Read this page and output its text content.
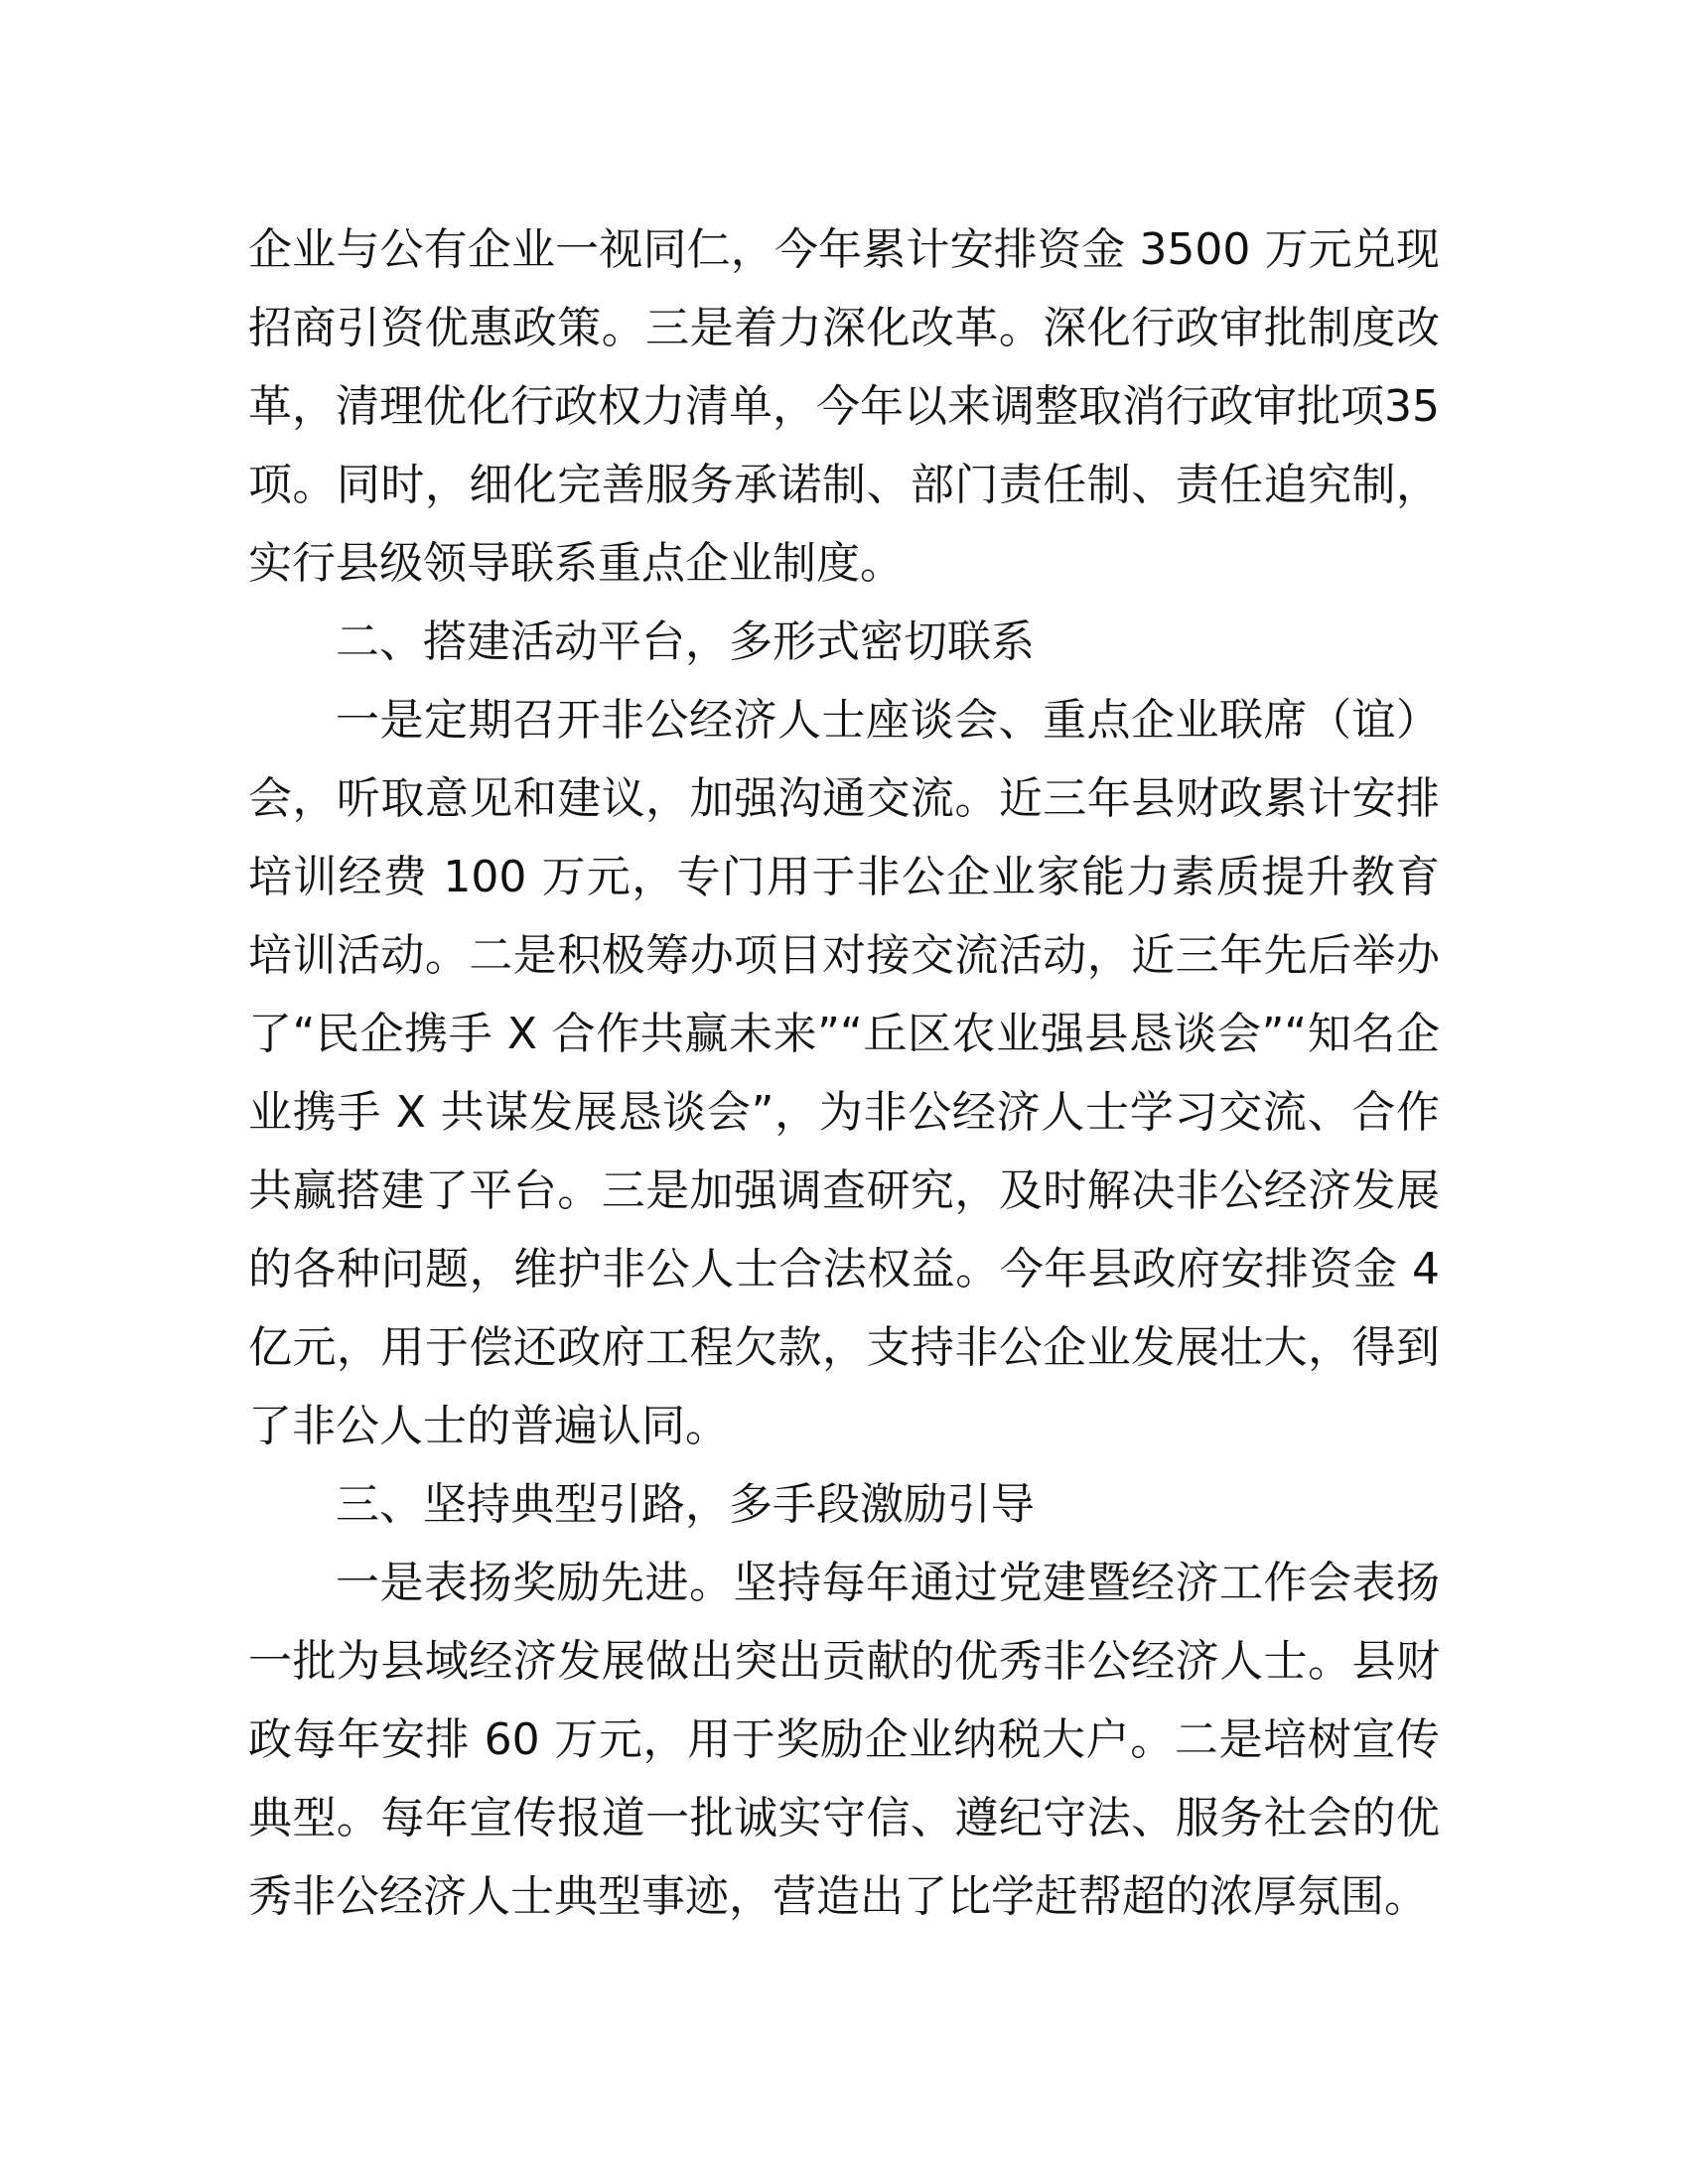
企业与公有企业一视同仁，今年累计安排资金 3500 万元兑现招商引资优惠政策。三是着力深化改革。深化行政审批制度改革，清理优化行政权力清单，今年以来调整取消行政审批项35 项。同时，细化完善服务承诺制、部门责任制、责任追究制，实行县级领导联系重点企业制度。

二、搭建活动平台，多形式密切联系

一是定期召开非公经济人士座谈会、重点企业联席（谊）会，听取意见和建议，加强沟通交流。近三年县财政累计安排培训经费 100 万元，专门用于非公企业家能力素质提升教育培训活动。二是积极筹办项目对接交流活动，近三年先后举办了“民企携手 X 合作共赢未来”“丘区农业强县恳谈会”“知名企业携手 X 共谋发展恳谈会”，为非公经济人士学习交流、合作共赢搭建了平台。三是加强调查研究，及时解决非公经济发展的各种问题，维护非公人士合法权益。今年县政府安排资金 4亿元，用于偿还政府工程欠款，支持非公企业发展壮大，得到了非公人士的普遍认同。

三、坚持典型引路，多手段激励引导

一是表扬奖励先进。坚持每年通过党建暨经济工作会表扬一批为县域经济发展做出突出贡献的优秀非公经济人士。县财政每年安排 60 万元，用于奖励企业纳税大户。二是培树宣传典型。每年宣传报道一批诚实守信、遵纪守法、服务社会的优秀非公经济人士典型事迹，营造出了比学赶帮超的浓厚氛围。
